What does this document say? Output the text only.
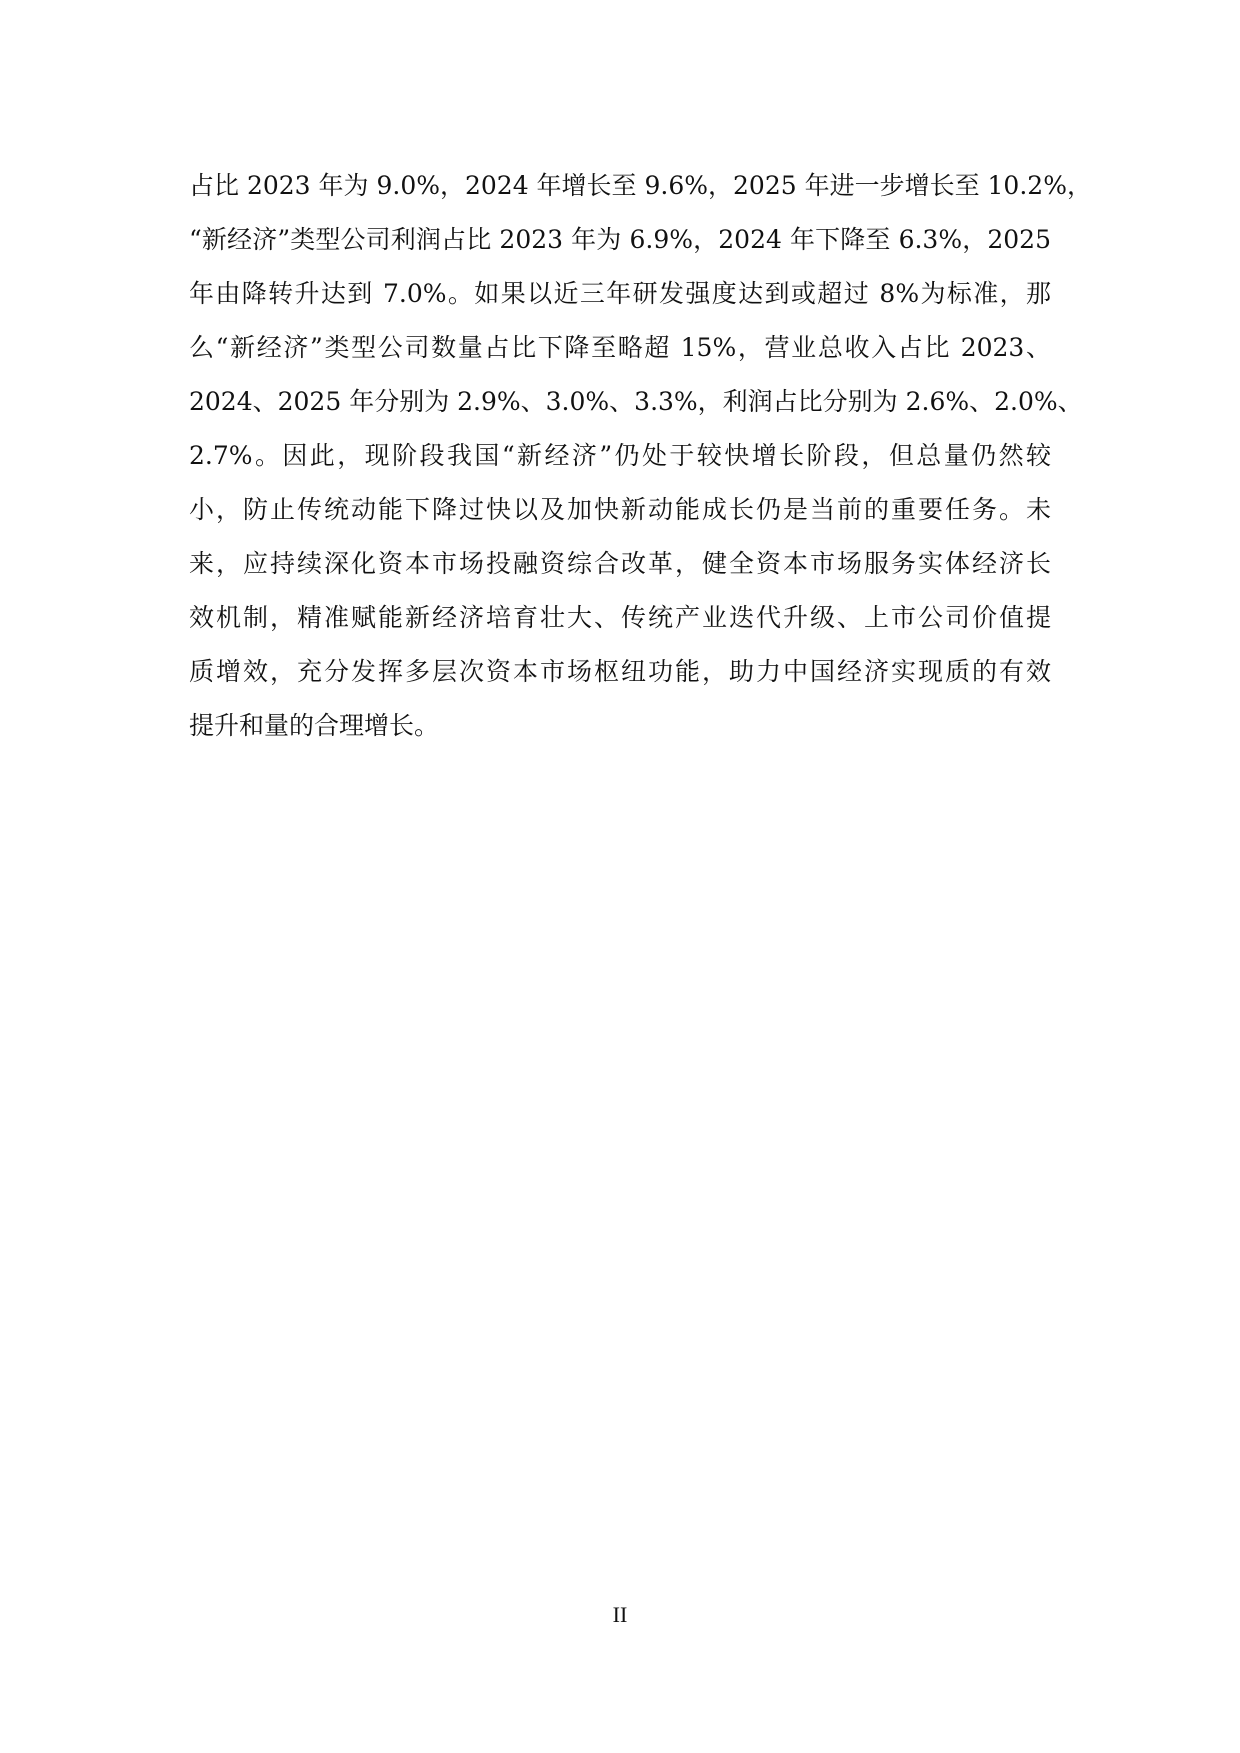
占比 2023 年为 9.0%，2024 年增长至 9.6%，2025 年进一步增长至 10.2%，
“新经济”类型公司利润占比 2023 年为 6.9%，2024 年下降至 6.3%，2025
年由降转升达到 7.0%。如果以近三年研发强度达到或超过 8%为标准，那
么“新经济”类型公司数量占比下降至略超 15%，营业总收入占比 2023、
2024、2025 年分别为 2.9%、3.0%、3.3%，利润占比分别为 2.6%、2.0%、
2.7%。因此，现阶段我国“新经济”仍处于较快增长阶段，但总量仍然较
小，防止传统动能下降过快以及加快新动能成长仍是当前的重要任务。未
来，应持续深化资本市场投融资综合改革，健全资本市场服务实体经济长
效机制，精准赋能新经济培育壮大、传统产业迭代升级、上市公司价值提
质增效，充分发挥多层次资本市场枢纽功能，助力中国经济实现质的有效
提升和量的合理增长。
II
